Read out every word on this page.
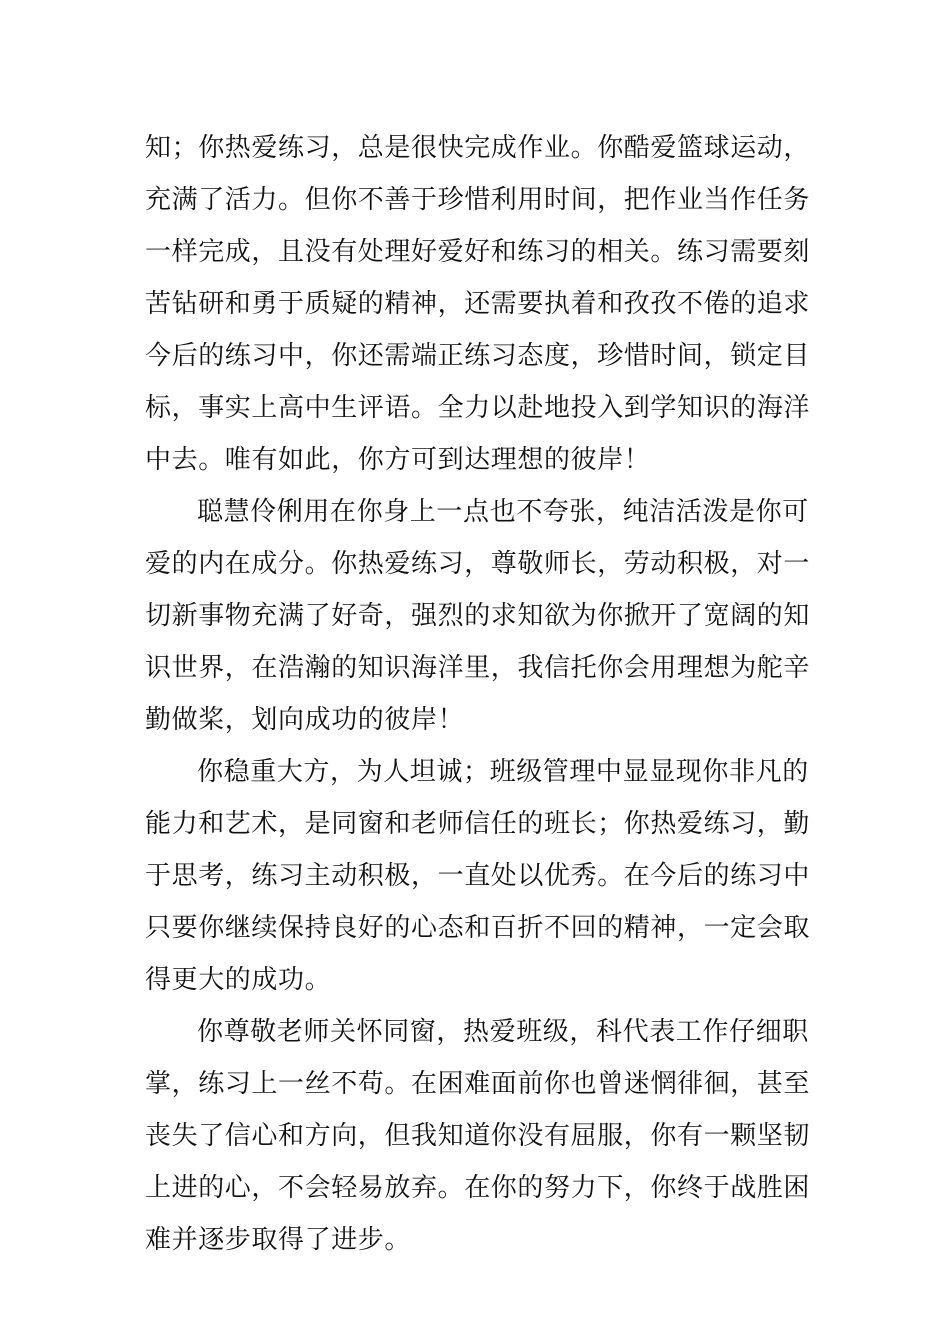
知；你热爱练习，总是很快完成作业。你酷爱篮球运动，
充满了活力。但你不善于珍惜利用时间，把作业当作任务
一样完成，且没有处理好爱好和练习的相关。练习需要刻
苦钻研和勇于质疑的精神，还需要执着和孜孜不倦的追求
今后的练习中，你还需端正练习态度，珍惜时间，锁定目
标，事实上高中生评语。全力以赴地投入到学知识的海洋
中去。唯有如此，你方可到达理想的彼岸！
聪慧伶俐用在你身上一点也不夸张，纯洁活泼是你可
爱的内在成分。你热爱练习，尊敬师长，劳动积极，对一
切新事物充满了好奇，强烈的求知欲为你掀开了宽阔的知
识世界，在浩瀚的知识海洋里，我信托你会用理想为舵辛
勤做桨，划向成功的彼岸！
你稳重大方，为人坦诚；班级管理中显显现你非凡的
能力和艺术，是同窗和老师信任的班长；你热爱练习，勤
于思考，练习主动积极，一直处以优秀。在今后的练习中
只要你继续保持良好的心态和百折不回的精神，一定会取
得更大的成功。
你尊敬老师关怀同窗，热爱班级，科代表工作仔细职
掌，练习上一丝不苟。在困难面前你也曾迷惘徘徊，甚至
丧失了信心和方向，但我知道你没有屈服，你有一颗坚韧
上进的心，不会轻易放弃。在你的努力下，你终于战胜困
难并逐步取得了进步。
